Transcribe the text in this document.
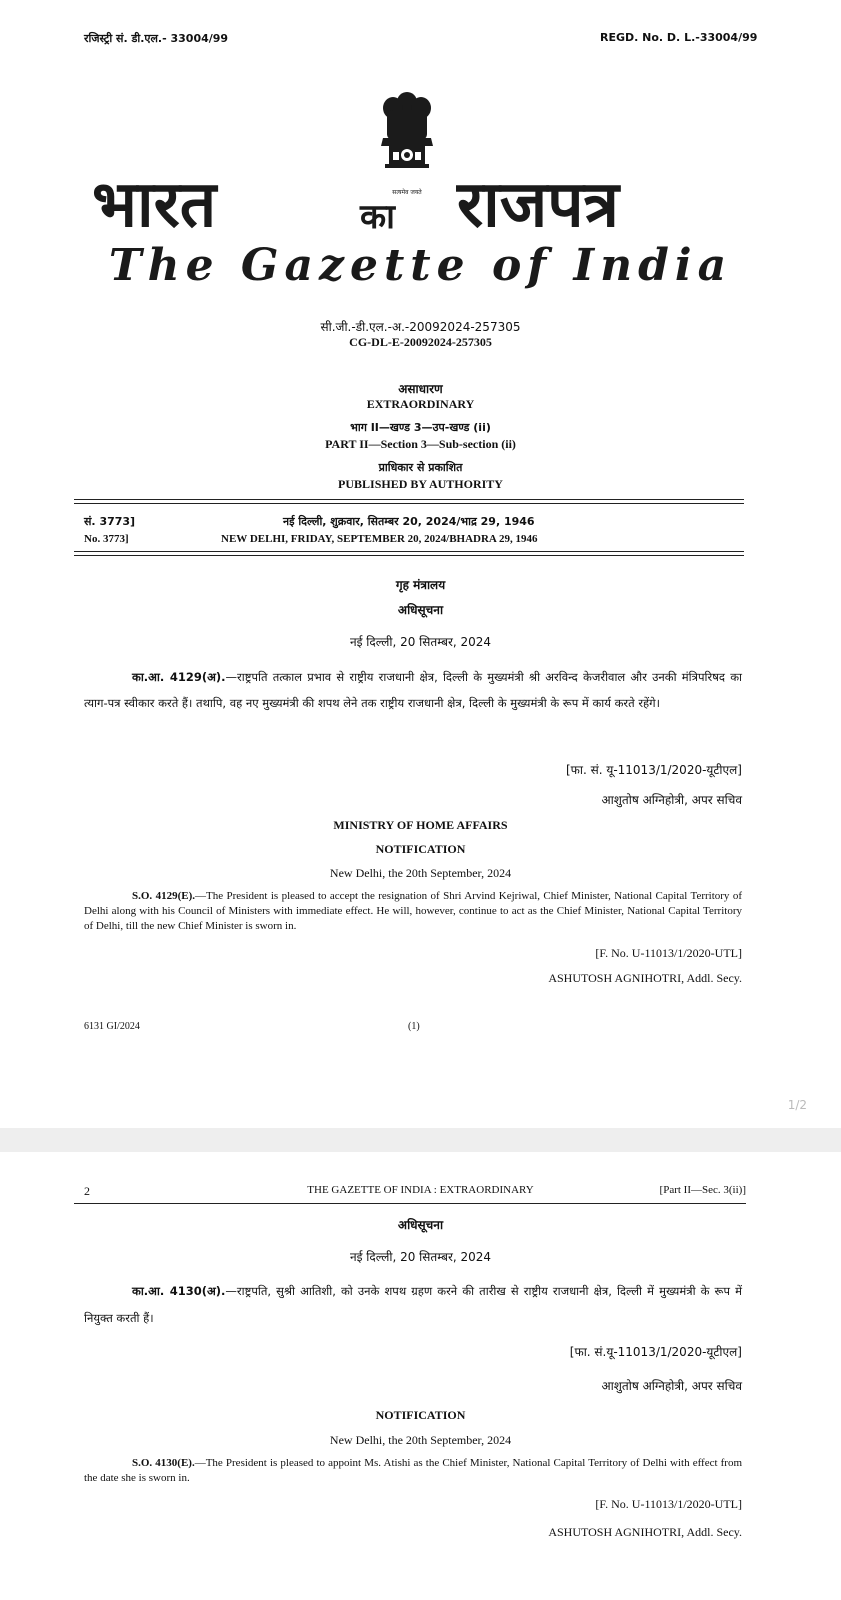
रजिस्ट्री सं. डी.एल.- 33004/99	REGD. No. D. L.-33004/99
सत्यमेव जयते
भारत	का राजपत्र
The Gazette of India
सी.जी.-डी.एल.-अ.-20092024-257305
CG-DL-E-20092024-257305
असाधारण
EXTRAORDINARY
भाग II—खण्ड 3—उप-खण्ड (ii)
PART II—Section 3—Sub-section (ii)
प्राधिकार से प्रकाशित
PUBLISHED BY AUTHORITY
सं. 3773]	नई दिल्ली, शुक्रवार, सितम्बर 20, 2024/भाद्र 29, 1946
No. 3773]	NEW DELHI, FRIDAY, SEPTEMBER 20, 2024/BHADRA 29, 1946
गृह मंत्रालय
अधिसूचना
नई दिल्ली, 20 सितम्बर, 2024
का.आ. 4129(अ).—राष्ट्रपति तत्काल प्रभाव से राष्ट्रीय राजधानी क्षेत्र, दिल्ली के मुख्यमंत्री श्री अरविन्द केजरीवाल और उनकी मंत्रिपरिषद का त्याग-पत्र स्वीकार करते हैं। तथापि, वह नए मुख्यमंत्री की शपथ लेने तक राष्ट्रीय राजधानी क्षेत्र, दिल्ली के मुख्यमंत्री के रूप में कार्य करते रहेंगे।
[फा. सं. यू-11013/1/2020-यूटीएल]
आशुतोष अग्निहोत्री, अपर सचिव
MINISTRY OF HOME AFFAIRS
NOTIFICATION
New Delhi, the 20th September, 2024
S.O. 4129(E).—The President is pleased to accept the resignation of Shri Arvind Kejriwal, Chief Minister, National Capital Territory of Delhi along with his Council of Ministers with immediate effect. He will, however, continue to act as the Chief Minister, National Capital Territory of Delhi, till the new Chief Minister is sworn in.
[F. No. U-11013/1/2020-UTL]
ASHUTOSH AGNIHOTRI, Addl. Secy.
6131 GI/2024	(1)
1/2
2	THE GAZETTE OF INDIA : EXTRAORDINARY	[Part II—Sec. 3(ii)]
अधिसूचना
नई दिल्ली, 20 सितम्बर, 2024
का.आ. 4130(अ).—राष्ट्रपति, सुश्री आतिशी, को उनके शपथ ग्रहण करने की तारीख से राष्ट्रीय राजधानी क्षेत्र, दिल्ली में मुख्यमंत्री के रूप में नियुक्त करती हैं।
[फा. सं.यू-11013/1/2020-यूटीएल]
आशुतोष अग्निहोत्री, अपर सचिव
NOTIFICATION
New Delhi, the 20th September, 2024
S.O. 4130(E).—The President is pleased to appoint Ms. Atishi as the Chief Minister, National Capital Territory of Delhi with effect from the date she is sworn in.
[F. No. U-11013/1/2020-UTL]
ASHUTOSH AGNIHOTRI, Addl. Secy.
